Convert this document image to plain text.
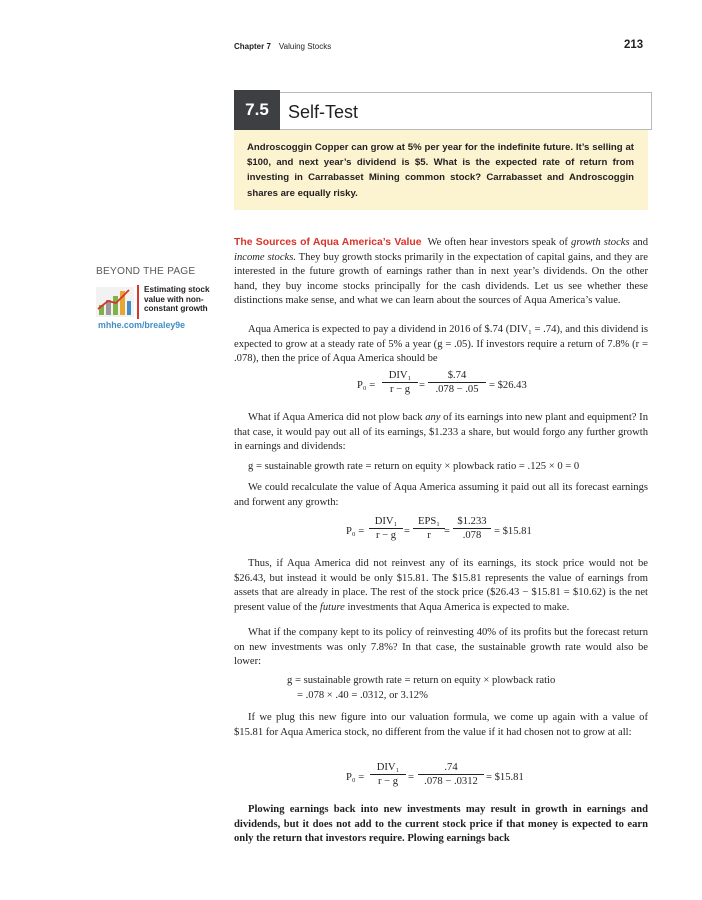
Chapter 7 Valuing Stocks	213
7.5	Self-Test
Androscoggin Copper can grow at 5% per year for the indefinite future. It’s selling at $100, and next year’s dividend is $5. What is the expected rate of return from investing in Carrabasset Mining common stock? Carrabasset and Androscoggin shares are equally risky.
BEYOND THE PAGE
Estimating stock value with non-constant growth
mhhe.com/brealey9e
The Sources of Aqua America’s Value We often hear investors speak of growth stocks and income stocks. They buy growth stocks primarily in the expectation of capital gains, and they are interested in the future growth of earnings rather than in next year’s dividends. On the other hand, they buy income stocks principally for the cash dividends. Let us see whether these distinctions make sense, and what we can learn about the sources of Aqua America’s value.
Aqua America is expected to pay a dividend in 2016 of $.74 (DIV₁ = .74), and this dividend is expected to grow at a steady rate of 5% a year (g = .05). If investors require a return of 7.8% (r = .078), then the price of Aqua America should be
P₀ =
DIV₁
r − g =
$.74
.078 − .05 = $26.43
What if Aqua America did not plow back any of its earnings into new plant and equipment? In that case, it would pay out all of its earnings, $1.233 a share, but would forgo any further growth in earnings and dividends:
g = sustainable growth rate = return on equity × plowback ratio = .125 × 0 = 0
We could recalculate the value of Aqua America assuming it paid out all its forecast earnings and forwent any growth:
P₀ =
DIV₁
r − g =
EPS₁
r	=
$1.233
.078	= $15.81
Thus, if Aqua America did not reinvest any of its earnings, its stock price would not be $26.43, but instead it would be only $15.81. The $15.81 represents the value of earnings from assets that are already in place. The rest of the stock price ($26.43 − $15.81 = $10.62) is the net present value of the future investments that Aqua America is expected to make.
What if the company kept to its policy of reinvesting 40% of its profits but the forecast return on new investments was only 7.8%? In that case, the sustainable growth rate would also be lower:
g = sustainable growth rate = return on equity × plowback ratio
= .078 × .40 = .0312, or 3.12%
If we plug this new figure into our valuation formula, we come up again with a value of $15.81 for Aqua America stock, no different from the value if it had chosen not to grow at all:
P₀ =
DIV₁
r − g =
.74
.078 − .0312 = $15.81
Plowing earnings back into new investments may result in growth in earnings and dividends, but it does not add to the current stock price if that money is expected to earn only the return that investors require. Plowing earnings back
